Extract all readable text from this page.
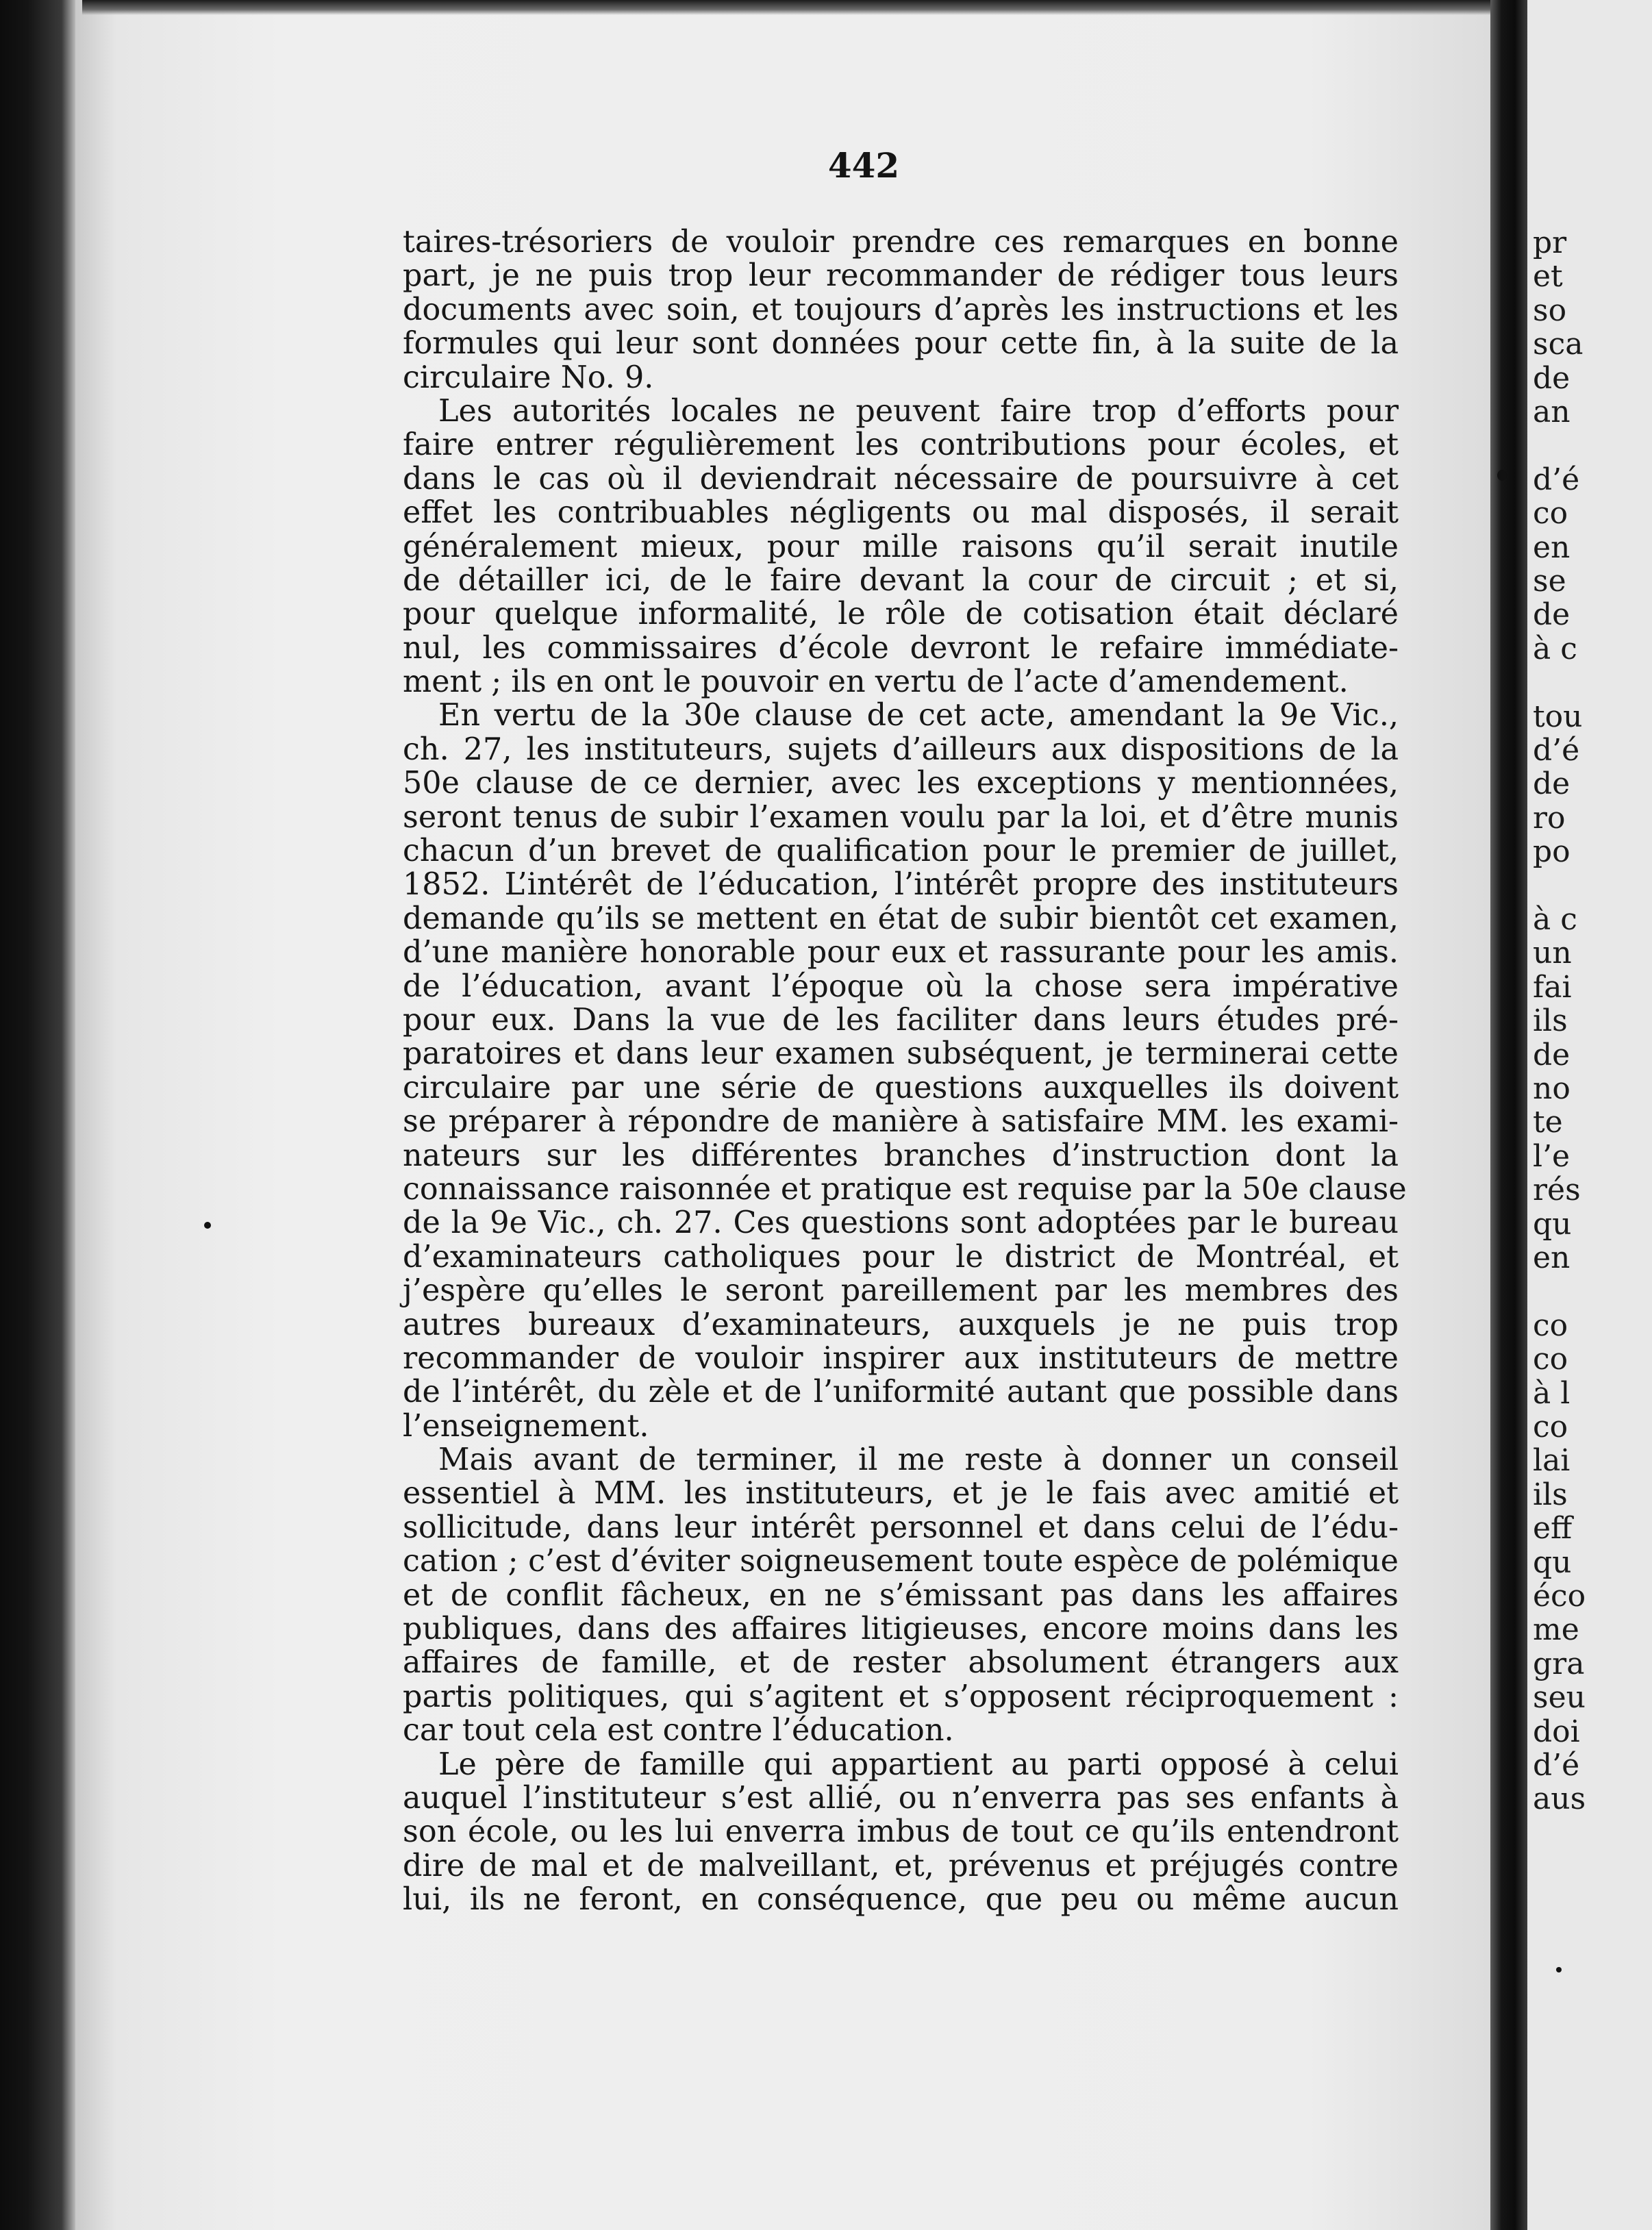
pr
et
so
sca
de
an
d’é
co
en
se
de
à c
tou
d’é
de
ro
po
à c
un
fai
ils
de
no
te
l’e
rés
qu
en
co
co
à l
co
lai
ils
eff
qu
éco
me
gra
seu
doi
d’é
aus
442
taires-trésoriers de vouloir prendre ces remarques en bonne
part, je ne puis trop leur recommander de rédiger tous leurs
documents avec soin, et toujours d’après les instructions et les
formules qui leur sont données pour cette fin, à la suite de la
circulaire No. 9.
Les autorités locales ne peuvent faire trop d’efforts pour
faire entrer régulièrement les contributions pour écoles, et
dans le cas où il deviendrait nécessaire de poursuivre à cet
effet les contribuables négligents ou mal disposés, il serait
généralement mieux, pour mille raisons qu’il serait inutile
de détailler ici, de le faire devant la cour de circuit ; et si,
pour quelque informalité, le rôle de cotisation était déclaré
nul, les commissaires d’école devront le refaire immédiate-
ment ; ils en ont le pouvoir en vertu de l’acte d’amendement.
En vertu de la 30e clause de cet acte, amendant la 9e Vic.,
ch. 27, les instituteurs, sujets d’ailleurs aux dispositions de la
50e clause de ce dernier, avec les exceptions y mentionnées,
seront tenus de subir l’examen voulu par la loi, et d’être munis
chacun d’un brevet de qualification pour le premier de juillet,
1852. L’intérêt de l’éducation, l’intérêt propre des instituteurs
demande qu’ils se mettent en état de subir bientôt cet examen,
d’une manière honorable pour eux et rassurante pour les amis.
de l’éducation, avant l’époque où la chose sera impérative
pour eux. Dans la vue de les faciliter dans leurs études pré-
paratoires et dans leur examen subséquent, je terminerai cette
circulaire par une série de questions auxquelles ils doivent
se préparer à répondre de manière à satisfaire MM. les exami-
nateurs sur les différentes branches d’instruction dont la
connaissance raisonnée et pratique est requise par la 50e clause
de la 9e Vic., ch. 27. Ces questions sont adoptées par le bureau
d’examinateurs catholiques pour le district de Montréal, et
j’espère qu’elles le seront pareillement par les membres des
autres bureaux d’examinateurs, auxquels je ne puis trop
recommander de vouloir inspirer aux instituteurs de mettre
de l’intérêt, du zèle et de l’uniformité autant que possible dans
l’enseignement.
Mais avant de terminer, il me reste à donner un conseil
essentiel à MM. les instituteurs, et je le fais avec amitié et
sollicitude, dans leur intérêt personnel et dans celui de l’édu-
cation ; c’est d’éviter soigneusement toute espèce de polémique
et de conflit fâcheux, en ne s’émissant pas dans les affaires
publiques, dans des affaires litigieuses, encore moins dans les
affaires de famille, et de rester absolument étrangers aux
partis politiques, qui s’agitent et s’opposent réciproquement :
car tout cela est contre l’éducation.
Le père de famille qui appartient au parti opposé à celui
auquel l’instituteur s’est allié, ou n’enverra pas ses enfants à
son école, ou les lui enverra imbus de tout ce qu’ils entendront
dire de mal et de malveillant, et, prévenus et préjugés contre
lui, ils ne feront, en conséquence, que peu ou même aucun
